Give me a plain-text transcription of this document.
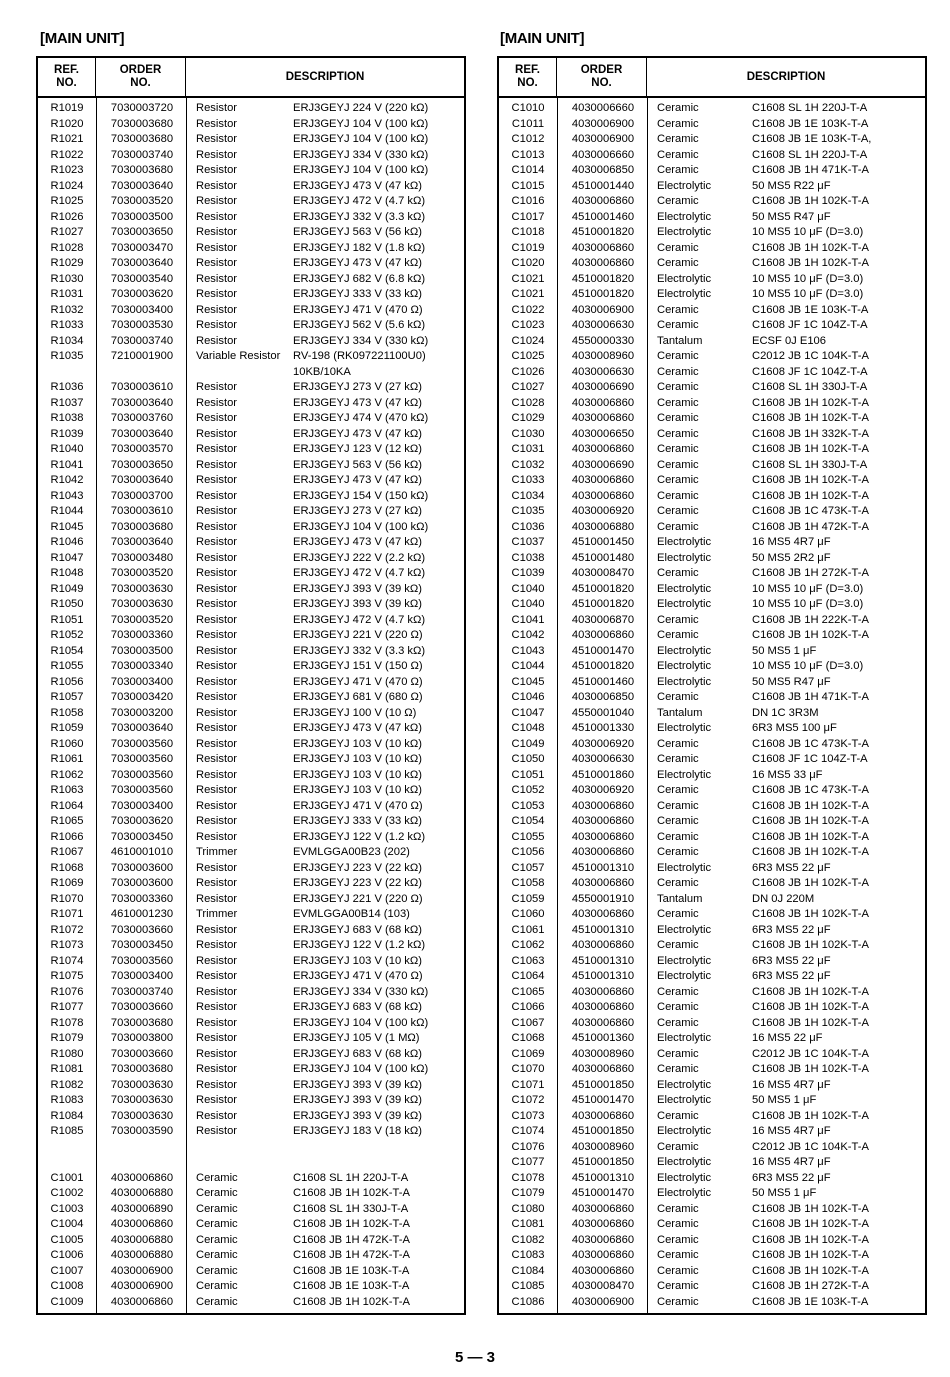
[MAIN UNIT]	[MAIN UNIT]
REF.
NO.
ORDER
NO.
DESCRIPTION
R1019	7030003720	Resistor	ERJ3GEYJ 224 V (220 kΩ)
R1020	7030003680	Resistor	ERJ3GEYJ 104 V (100 kΩ)
R1021	7030003680	Resistor	ERJ3GEYJ 104 V (100 kΩ)
R1022	7030003740	Resistor	ERJ3GEYJ 334 V (330 kΩ)
R1023	7030003680	Resistor	ERJ3GEYJ 104 V (100 kΩ)
R1024	7030003640	Resistor	ERJ3GEYJ 473 V (47 kΩ)
R1025	7030003520	Resistor	ERJ3GEYJ 472 V (4.7 kΩ)
R1026	7030003500	Resistor	ERJ3GEYJ 332 V (3.3 kΩ)
R1027	7030003650	Resistor	ERJ3GEYJ 563 V (56 kΩ)
R1028	7030003470	Resistor	ERJ3GEYJ 182 V (1.8 kΩ)
R1029	7030003640	Resistor	ERJ3GEYJ 473 V (47 kΩ)
R1030	7030003540	Resistor	ERJ3GEYJ 682 V (6.8 kΩ)
R1031	7030003620	Resistor	ERJ3GEYJ 333 V (33 kΩ)
R1032	7030003400	Resistor	ERJ3GEYJ 471 V (470 Ω)
R1033	7030003530	Resistor	ERJ3GEYJ 562 V (5.6 kΩ)
R1034	7030003740	Resistor	ERJ3GEYJ 334 V (330 kΩ)
R1035	7210001900	Variable Resistor RV-198 (RK097221100U0)
10KB/10KA
R1036	7030003610	Resistor	ERJ3GEYJ 273 V (27 kΩ)
R1037	7030003640	Resistor	ERJ3GEYJ 473 V (47 kΩ)
R1038	7030003760	Resistor	ERJ3GEYJ 474 V (470 kΩ)
R1039	7030003640	Resistor	ERJ3GEYJ 473 V (47 kΩ)
R1040	7030003570	Resistor	ERJ3GEYJ 123 V (12 kΩ)
R1041	7030003650	Resistor	ERJ3GEYJ 563 V (56 kΩ)
R1042	7030003640	Resistor	ERJ3GEYJ 473 V (47 kΩ)
R1043	7030003700	Resistor	ERJ3GEYJ 154 V (150 kΩ)
R1044	7030003610	Resistor	ERJ3GEYJ 273 V (27 kΩ)
R1045	7030003680	Resistor	ERJ3GEYJ 104 V (100 kΩ)
R1046	7030003640	Resistor	ERJ3GEYJ 473 V (47 kΩ)
R1047	7030003480	Resistor	ERJ3GEYJ 222 V (2.2 kΩ)
R1048	7030003520	Resistor	ERJ3GEYJ 472 V (4.7 kΩ)
R1049	7030003630	Resistor	ERJ3GEYJ 393 V (39 kΩ)
R1050	7030003630	Resistor	ERJ3GEYJ 393 V (39 kΩ)
R1051	7030003520	Resistor	ERJ3GEYJ 472 V (4.7 kΩ)
R1052	7030003360	Resistor	ERJ3GEYJ 221 V (220 Ω)
R1054	7030003500	Resistor	ERJ3GEYJ 332 V (3.3 kΩ)
R1055	7030003340	Resistor	ERJ3GEYJ 151 V (150 Ω)
R1056	7030003400	Resistor	ERJ3GEYJ 471 V (470 Ω)
R1057	7030003420	Resistor	ERJ3GEYJ 681 V (680 Ω)
R1058	7030003200	Resistor	ERJ3GEYJ 100 V (10 Ω)
R1059	7030003640	Resistor	ERJ3GEYJ 473 V (47 kΩ)
R1060	7030003560	Resistor	ERJ3GEYJ 103 V (10 kΩ)
R1061	7030003560	Resistor	ERJ3GEYJ 103 V (10 kΩ)
R1062	7030003560	Resistor	ERJ3GEYJ 103 V (10 kΩ)
R1063	7030003560	Resistor	ERJ3GEYJ 103 V (10 kΩ)
R1064	7030003400	Resistor	ERJ3GEYJ 471 V (470 Ω)
R1065	7030003620	Resistor	ERJ3GEYJ 333 V (33 kΩ)
R1066	7030003450	Resistor	ERJ3GEYJ 122 V (1.2 kΩ)
R1067	4610001010	Trimmer	EVMLGGA00B23 (202)
R1068	7030003600	Resistor	ERJ3GEYJ 223 V (22 kΩ)
R1069	7030003600	Resistor	ERJ3GEYJ 223 V (22 kΩ)
R1070	7030003360	Resistor	ERJ3GEYJ 221 V (220 Ω)
R1071	4610001230	Trimmer	EVMLGGA00B14 (103)
R1072	7030003660	Resistor	ERJ3GEYJ 683 V (68 kΩ)
R1073	7030003450	Resistor	ERJ3GEYJ 122 V (1.2 kΩ)
R1074	7030003560	Resistor	ERJ3GEYJ 103 V (10 kΩ)
R1075	7030003400	Resistor	ERJ3GEYJ 471 V (470 Ω)
R1076	7030003740	Resistor	ERJ3GEYJ 334 V (330 kΩ)
R1077	7030003660	Resistor	ERJ3GEYJ 683 V (68 kΩ)
R1078	7030003680	Resistor	ERJ3GEYJ 104 V (100 kΩ)
R1079	7030003800	Resistor	ERJ3GEYJ 105 V (1 MΩ)
R1080	7030003660	Resistor	ERJ3GEYJ 683 V (68 kΩ)
R1081	7030003680	Resistor	ERJ3GEYJ 104 V (100 kΩ)
R1082	7030003630	Resistor	ERJ3GEYJ 393 V (39 kΩ)
R1083	7030003630	Resistor	ERJ3GEYJ 393 V (39 kΩ)
R1084	7030003630	Resistor	ERJ3GEYJ 393 V (39 kΩ)
R1085	7030003590	Resistor	ERJ3GEYJ 183 V (18 kΩ)
C1001	4030006860	Ceramic	C1608 SL 1H 220J-T-A
C1002	4030006880	Ceramic	C1608 JB 1H 102K-T-A
C1003	4030006890	Ceramic	C1608 SL 1H 330J-T-A
C1004	4030006860	Ceramic	C1608 JB 1H 102K-T-A
C1005	4030006880	Ceramic	C1608 JB 1H 472K-T-A
C1006	4030006880	Ceramic	C1608 JB 1H 472K-T-A
C1007	4030006900	Ceramic	C1608 JB 1E 103K-T-A
C1008	4030006900	Ceramic	C1608 JB 1E 103K-T-A
C1009	4030006860	Ceramic	C1608 JB 1H 102K-T-A
REF.
NO.
ORDER
NO.
DESCRIPTION
C1010	4030006660	Ceramic	C1608 SL 1H 220J-T-A
C1011	4030006900	Ceramic	C1608 JB 1E 103K-T-A
C1012	4030006900	Ceramic	C1608 JB 1E 103K-T-A,
C1013	4030006660	Ceramic	C1608 SL 1H 220J-T-A
C1014	4030006850	Ceramic	C1608 JB 1H 471K-T-A
C1015	4510001440	Electrolytic	50 MS5 R22 μF
C1016	4030006860	Ceramic	C1608 JB 1H 102K-T-A
C1017	4510001460	Electrolytic	50 MS5 R47 μF
C1018	4510001820	Electrolytic	10 MS5 10 μF (D=3.0)
C1019	4030006860	Ceramic	C1608 JB 1H 102K-T-A
C1020	4030006860	Ceramic	C1608 JB 1H 102K-T-A
C1021	4510001820	Electrolytic	10 MS5 10 μF (D=3.0)
C1021	4510001820	Electrolytic	10 MS5 10 μF (D=3.0)
C1022	4030006900	Ceramic	C1608 JB 1E 103K-T-A
C1023	4030006630	Ceramic	C1608 JF 1C 104Z-T-A
C1024	4550000330	Tantalum	ECSF 0J E106
C1025	4030008960	Ceramic	C2012 JB 1C 104K-T-A
C1026	4030006630	Ceramic	C1608 JF 1C 104Z-T-A
C1027	4030006690	Ceramic	C1608 SL 1H 330J-T-A
C1028	4030006860	Ceramic	C1608 JB 1H 102K-T-A
C1029	4030006860	Ceramic	C1608 JB 1H 102K-T-A
C1030	4030006650	Ceramic	C1608 JB 1H 332K-T-A
C1031	4030006860	Ceramic	C1608 JB 1H 102K-T-A
C1032	4030006690	Ceramic	C1608 SL 1H 330J-T-A
C1033	4030006860	Ceramic	C1608 JB 1H 102K-T-A
C1034	4030006860	Ceramic	C1608 JB 1H 102K-T-A
C1035	4030006920	Ceramic	C1608 JB 1C 473K-T-A
C1036	4030006880	Ceramic	C1608 JB 1H 472K-T-A
C1037	4510001450	Electrolytic	16 MS5 4R7 μF
C1038	4510001480	Electrolytic	50 MS5 2R2 μF
C1039	4030008470	Ceramic	C1608 JB 1H 272K-T-A
C1040	4510001820	Electrolytic	10 MS5 10 μF (D=3.0)
C1040	4510001820	Electrolytic	10 MS5 10 μF (D=3.0)
C1041	4030006870	Ceramic	C1608 JB 1H 222K-T-A
C1042	4030006860	Ceramic	C1608 JB 1H 102K-T-A
C1043	4510001470	Electrolytic	50 MS5 1 μF
C1044	4510001820	Electrolytic	10 MS5 10 μF (D=3.0)
C1045	4510001460	Electrolytic	50 MS5 R47 μF
C1046	4030006850	Ceramic	C1608 JB 1H 471K-T-A
C1047	4550001040	Tantalum	DN 1C 3R3M
C1048	4510001330	Electrolytic	6R3 MS5 100 μF
C1049	4030006920	Ceramic	C1608 JB 1C 473K-T-A
C1050	4030006630	Ceramic	C1608 JF 1C 104Z-T-A
C1051	4510001860	Electrolytic	16 MS5 33 μF
C1052	4030006920	Ceramic	C1608 JB 1C 473K-T-A
C1053	4030006860	Ceramic	C1608 JB 1H 102K-T-A
C1054	4030006860	Ceramic	C1608 JB 1H 102K-T-A
C1055	4030006860	Ceramic	C1608 JB 1H 102K-T-A
C1056	4030006860	Ceramic	C1608 JB 1H 102K-T-A
C1057	4510001310	Electrolytic	6R3 MS5 22 μF
C1058	4030006860	Ceramic	C1608 JB 1H 102K-T-A
C1059	4550001910	Tantalum	DN 0J 220M
C1060	4030006860	Ceramic	C1608 JB 1H 102K-T-A
C1061	4510001310	Electrolytic	6R3 MS5 22 μF
C1062	4030006860	Ceramic	C1608 JB 1H 102K-T-A
C1063	4510001310	Electrolytic	6R3 MS5 22 μF
C1064	4510001310	Electrolytic	6R3 MS5 22 μF
C1065	4030006860	Ceramic	C1608 JB 1H 102K-T-A
C1066	4030006860	Ceramic	C1608 JB 1H 102K-T-A
C1067	4030006860	Ceramic	C1608 JB 1H 102K-T-A
C1068	4510001360	Electrolytic	16 MS5 22 μF
C1069	4030008960	Ceramic	C2012 JB 1C 104K-T-A
C1070	4030006860	Ceramic	C1608 JB 1H 102K-T-A
C1071	4510001850	Electrolytic	16 MS5 4R7 μF
C1072	4510001470	Electrolytic	50 MS5 1 μF
C1073	4030006860	Ceramic	C1608 JB 1H 102K-T-A
C1074	4510001850	Electrolytic	16 MS5 4R7 μF
C1076	4030008960	Ceramic	C2012 JB 1C 104K-T-A
C1077	4510001850	Electrolytic	16 MS5 4R7 μF
C1078	4510001310	Electrolytic	6R3 MS5 22 μF
C1079	4510001470	Electrolytic	50 MS5 1 μF
C1080	4030006860	Ceramic	C1608 JB 1H 102K-T-A
C1081	4030006860	Ceramic	C1608 JB 1H 102K-T-A
C1082	4030006860	Ceramic	C1608 JB 1H 102K-T-A
C1083	4030006860	Ceramic	C1608 JB 1H 102K-T-A
C1084	4030006860	Ceramic	C1608 JB 1H 102K-T-A
C1085	4030008470	Ceramic	C1608 JB 1H 272K-T-A
C1086	4030006900	Ceramic	C1608 JB 1E 103K-T-A
5 — 3
